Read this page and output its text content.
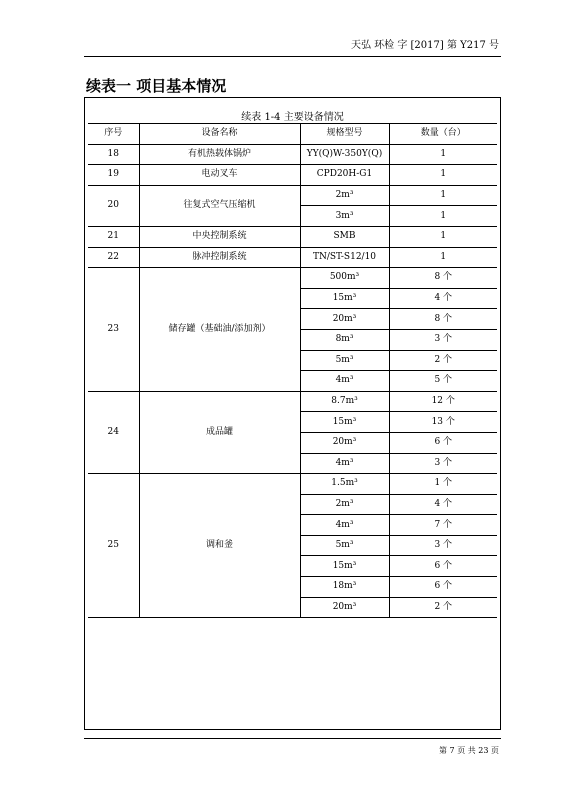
天弘 环检 字 [2017] 第 Y217 号
续表一 项目基本情况
续表 1-4 主要设备情况
序号	设备名称	规格型号	数量（台）
18	有机热载体锅炉	YY(Q)W-350Y(Q)	1
19	电动叉车	CPD20H-G1	1
20	往复式空气压缩机	2m³	1
		3m³	1
21	中央控制系统	SMB	1
22	脉冲控制系统	TN/ST-S12/10	1
23	储存罐（基础油/添加剂）	500m³	8 个
		15m³	4 个
		20m³	8 个
		8m³	3 个
		5m³	2 个
		4m³	5 个
24	成品罐	8.7m³	12 个
		15m³	13 个
		20m³	6 个
		4m³	3 个
25	调和釜	1.5m³	1 个
		2m³	4 个
		4m³	7 个
		5m³	3 个
		15m³	6 个
		18m³	6 个
		20m³	2 个
第 7 页 共 23 页
